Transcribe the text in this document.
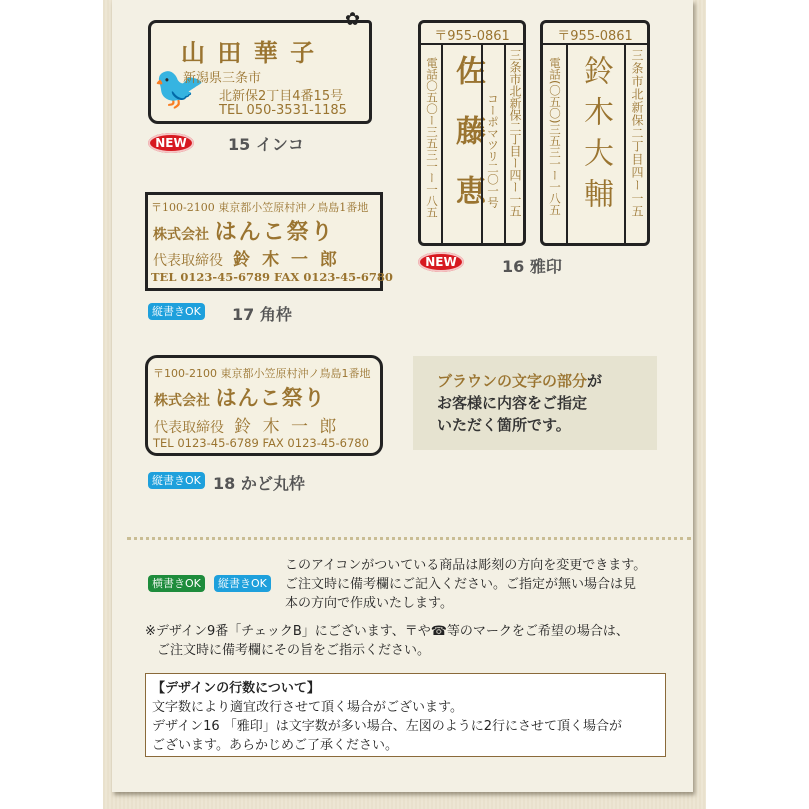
🐦
✿
山 田 華 子
新潟県三条市
北新保2丁目4番15号
TEL 050-3531-1185
NEW	15 インコ
〒955-0861
電話〇五〇ー三五三一ー一八五 佐藤恵 コーポマツリ二〇一号 三条市北新保二丁目ー四ー一五
〒955-0861
電話(〇五〇)三五三一ー一八五 鈴木大輔	三条市北新保二丁目四ー一五
NEW	16 雅印
〒100-2100 東京都小笠原村沖ノ鳥島1番地
株式会社 はんこ祭り
代表取締役 鈴 木 一 郎
TEL 0123-45-6789 FAX 0123-45-6780
縦書きOK 17 角枠
〒100-2100 東京都小笠原村沖ノ鳥島1番地
株式会社 はんこ祭り
代表取締役 鈴 木 一 郎
TEL 0123-45-6789 FAX 0123-45-6780
縦書きOK 18 かど丸枠
ブラウンの文字の部分が
お客様に内容をご指定
いただく箇所です。
横書きOK	縦書きOK
このアイコンがついている商品は彫刻の方向を変更できます。
ご注文時に備考欄にご記入ください。ご指定が無い場合は見
本の方向で作成いたします。
※デザイン9番「チェックB」にございます、〒や☎等のマークをご希望の場合は、
ご注文時に備考欄にその旨をご指示ください。
【デザインの行数について】
文字数により適宜改行させて頂く場合がございます。
デザイン16 「雅印」は文字数が多い場合、左図のように2行にさせて頂く場合が
ございます。あらかじめご了承ください。
